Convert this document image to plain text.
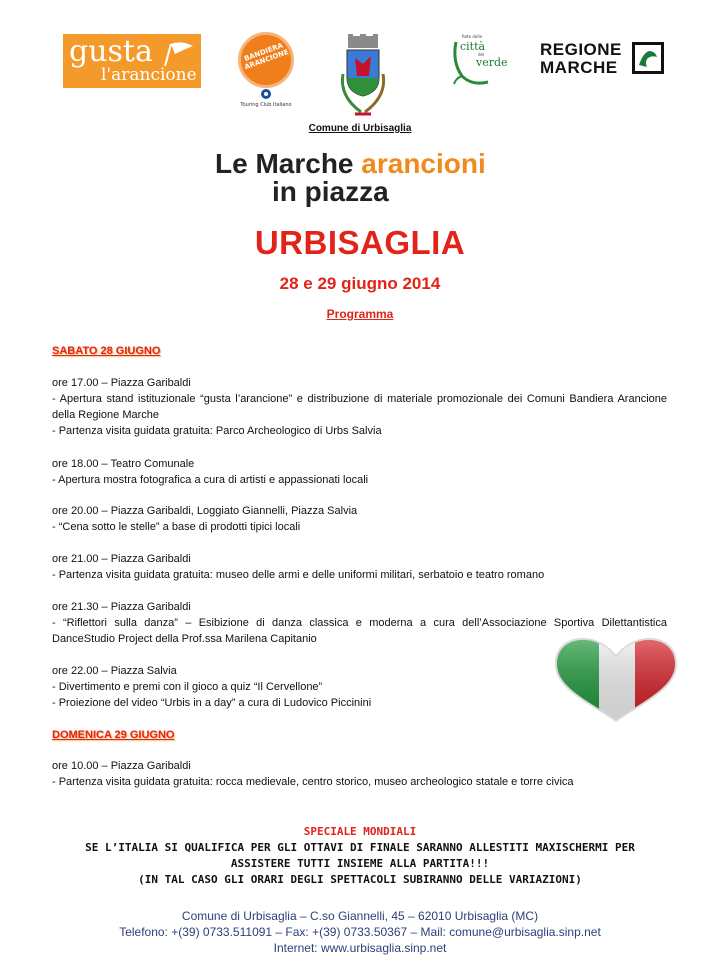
gusta
l'arancione
BANDIERA ARANCIONE
Touring Club Italiano
Rete delle
città
del
verde
REGIONE
MARCHE
Comune di Urbisaglia
Le Marche arancioni
in piazza
URBISAGLIA
28 e 29 giugno 2014
Programma
SABATO 28 GIUGNO

ore 17.00 – Piazza Garibaldi

- Apertura stand istituzionale “gusta l’arancione” e distribuzione di materiale promozionale dei Comuni Bandiera Arancione della Regione Marche

- Partenza visita guidata gratuita: Parco Archeologico di Urbs Salvia

ore 18.00 – Teatro Comunale

- Apertura mostra fotografica a cura di artisti e appassionati locali

ore 20.00 – Piazza Garibaldi, Loggiato Giannelli, Piazza Salvia

- “Cena sotto le stelle” a base di prodotti tipici locali

ore 21.00 – Piazza Garibaldi

- Partenza visita guidata gratuita: museo delle armi e delle uniformi militari, serbatoio e teatro romano

ore 21.30 – Piazza Garibaldi

- “Riflettori sulla danza” – Esibizione di danza classica e moderna a cura dell’Associazione Sportiva Dilettantistica DanceStudio Project della Prof.ssa Marilena Capitanio

ore 22.00 – Piazza Salvia

- Divertimento e premi con il gioco a quiz “Il Cervellone”

- Proiezione del video “Urbis in a day” a cura di Ludovico Piccinini

DOMENICA 29 GIUGNO

ore 10.00 – Piazza Garibaldi

- Partenza visita guidata gratuita: rocca medievale, centro storico, museo archeologico statale e torre civica

SPECIALE MONDIALI
SE L’ITALIA SI QUALIFICA PER GLI OTTAVI DI FINALE SARANNO ALLESTITI MAXISCHERMI PER
ASSISTERE TUTTI INSIEME ALLA PARTITA!!!
(IN TAL CASO GLI ORARI DEGLI SPETTACOLI SUBIRANNO DELLE VARIAZIONI)
Comune di Urbisaglia – C.so Giannelli, 45 – 62010 Urbisaglia (MC)
Telefono: +(39) 0733.511091 – Fax: +(39) 0733.50367 – Mail: comune@urbisaglia.sinp.net
Internet: www.urbisaglia.sinp.net
